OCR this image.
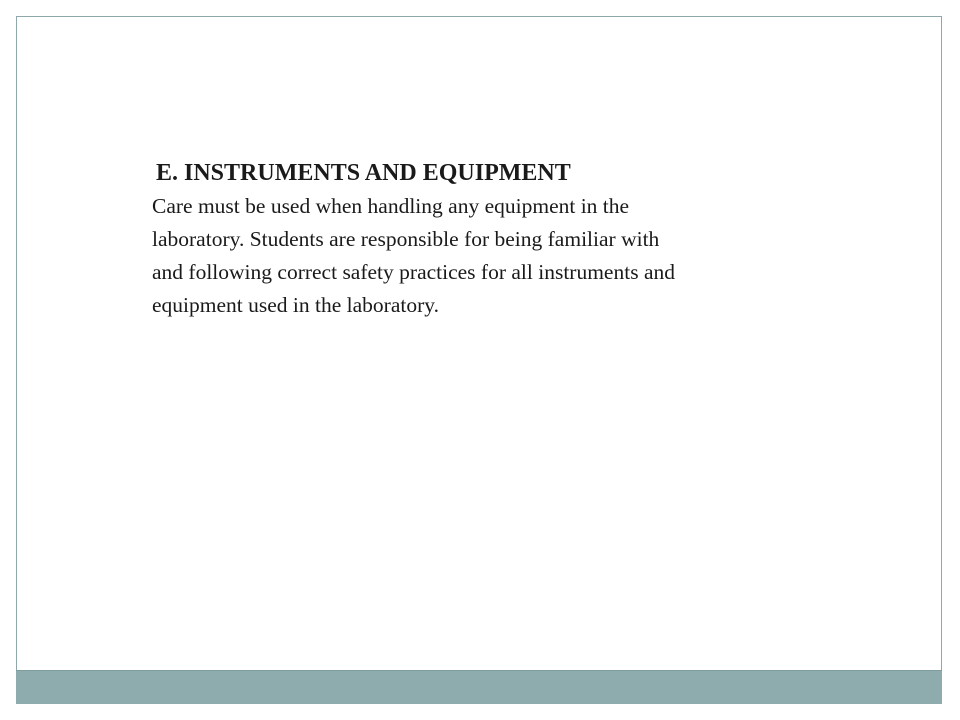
E. INSTRUMENTS AND EQUIPMENT

Care must be used when handling any equipment in the

laboratory. Students are responsible for being familiar with

and following correct safety practices for all instruments and

equipment used in the laboratory.
